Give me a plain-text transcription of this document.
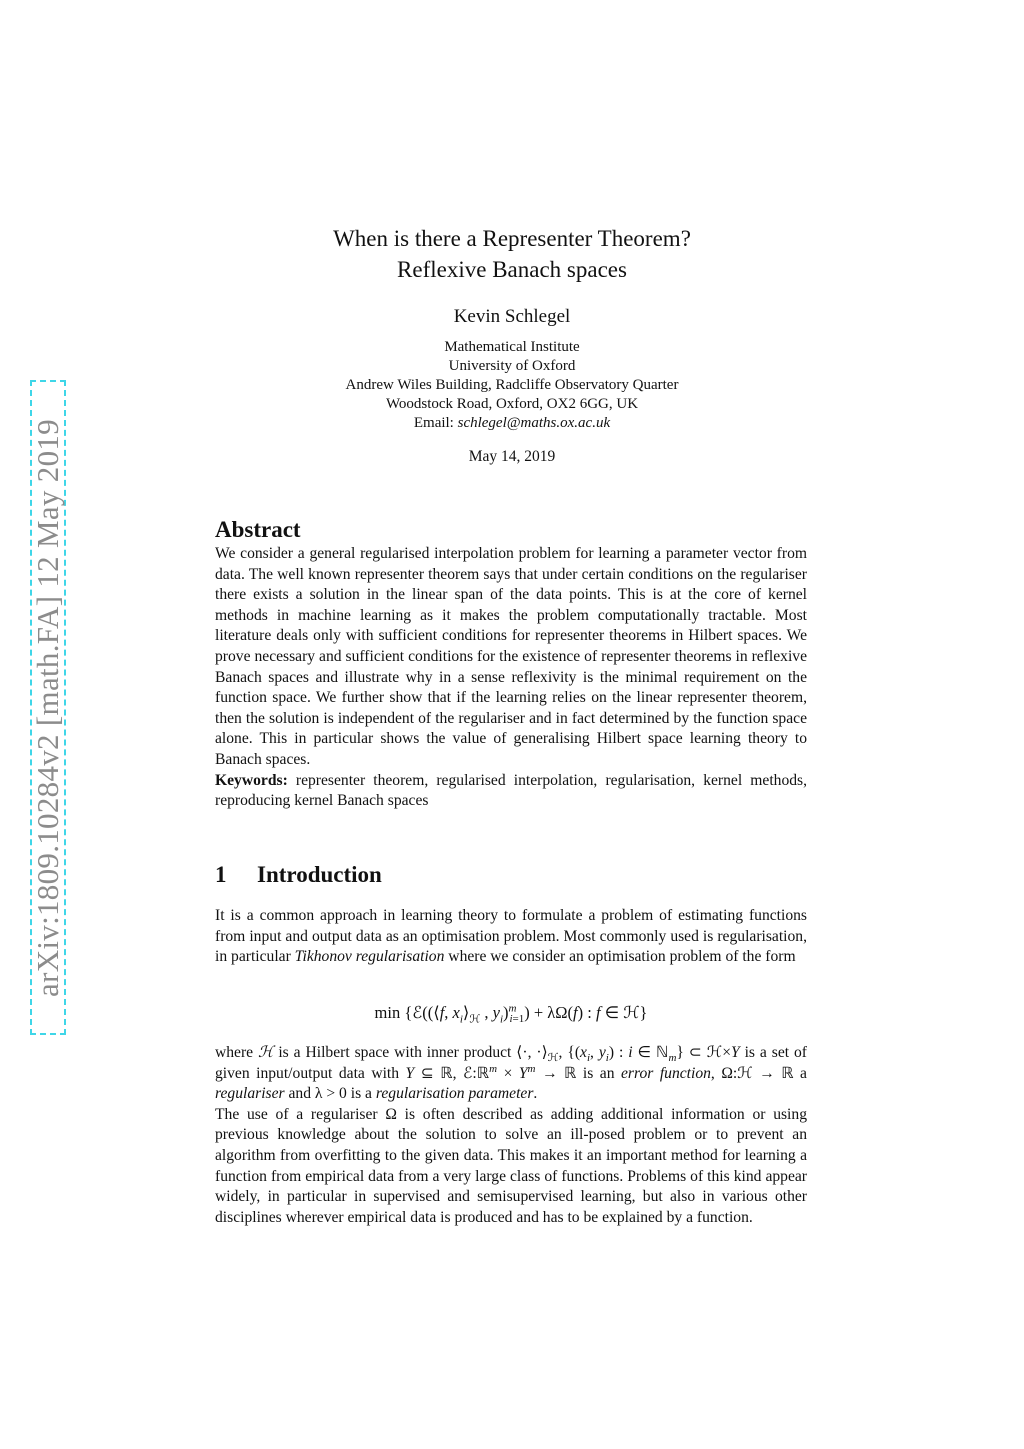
arXiv:1809.10284v2 [math.FA] 12 May 2019
When is there a Representer Theorem?
Reflexive Banach spaces
Kevin Schlegel
Mathematical Institute
University of Oxford
Andrew Wiles Building, Radcliffe Observatory Quarter
Woodstock Road, Oxford, OX2 6GG, UK
Email: schlegel@maths.ox.ac.uk
May 14, 2019
Abstract
We consider a general regularised interpolation problem for learning a parameter vector from data. The well known representer theorem says that under certain conditions on the regulariser there exists a solution in the linear span of the data points. This is at the core of kernel methods in machine learning as it makes the problem computationally tractable. Most literature deals only with sufficient conditions for representer theorems in Hilbert spaces. We prove necessary and sufficient conditions for the existence of representer theorems in reflexive Banach spaces and illustrate why in a sense reflexivity is the minimal requirement on the function space. We further show that if the learning relies on the linear representer theorem, then the solution is independent of the regulariser and in fact determined by the function space alone. This in particular shows the value of generalising Hilbert space learning theory to Banach spaces.
Keywords: representer theorem, regularised interpolation, regularisation, kernel methods, reproducing kernel Banach spaces
1 Introduction
It is a common approach in learning theory to formulate a problem of estimating functions from input and output data as an optimisation problem. Most commonly used is regularisation, in particular Tikhonov regularisation where we consider an optimisation problem of the form
min {ℰ((⟨f, $x_i⟩_ℋ$ , $y_i)^m_{i=1}) + \lambda\Omega(f)$ : f ∈ ℋ}
where ℋ is a Hilbert space with inner product ⟨·, $\cdot⟩_ℋ$, {($x_i$, $y_i$) : i ∈ ℕ$_m$} ⊂ ℋ×Y is a set of given input/output data with Y ⊆ ℝ, ℰ:ℝ$^m$ × $Y^m$ → ℝ is an error function, Ω:ℋ → ℝ a regulariser and λ > 0 is a regularisation parameter.
The use of a regulariser Ω is often described as adding additional information or using previous knowledge about the solution to solve an ill-posed problem or to prevent an algorithm from overfitting to the given data. This makes it an important method for learning a function from empirical data from a very large class of functions. Problems of this kind appear widely, in particular in supervised and semisupervised learning, but also in various other disciplines wherever empirical data is produced and has to be explained by a function.
